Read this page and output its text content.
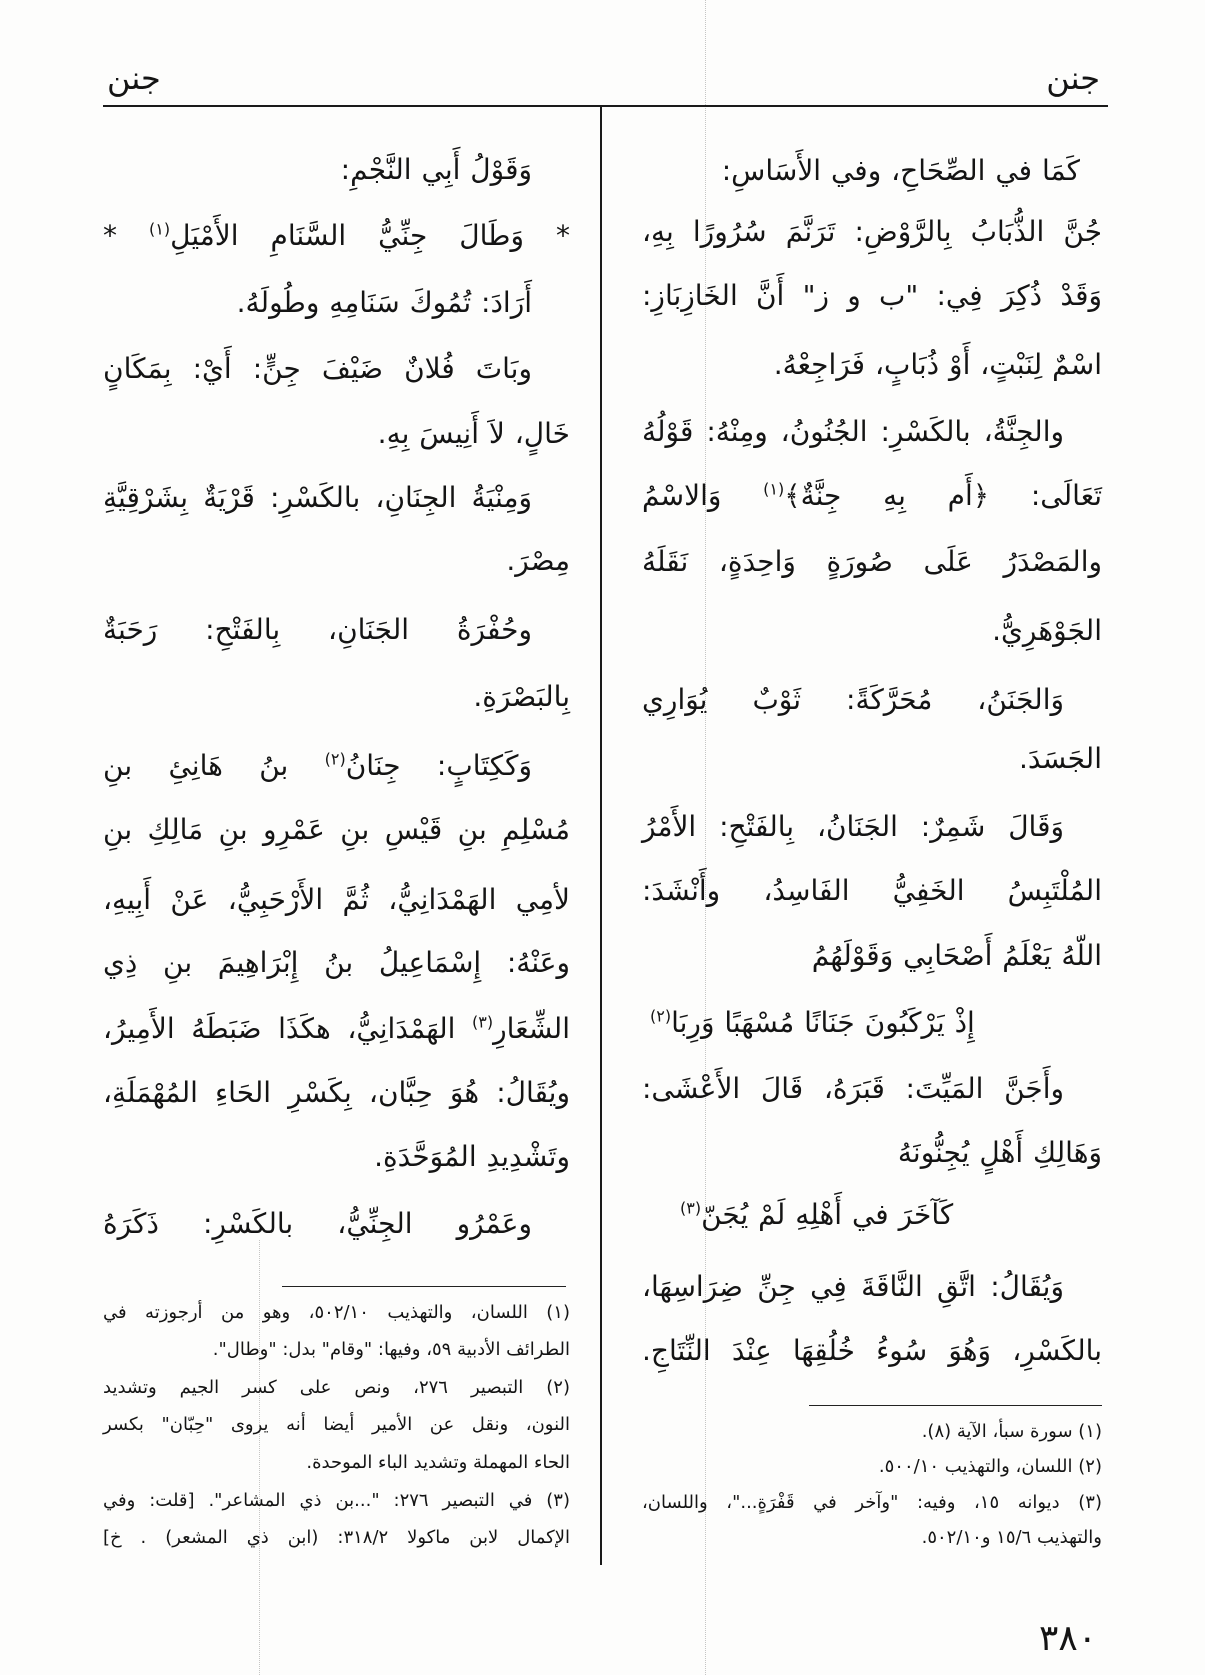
جنن
جنن
كَمَا في الصِّحَاحِ، وفي الأَسَاسِ:
جُنَّ الذُّبَابُ بِالرَّوْضِ: تَرَنَّمَ سُرُورًا بِهِ،
وَقَدْ ذُكِرَ فِي: "ب و ز" أَنَّ الخَازِبَازِ:
اسْمٌ لِنَبْتٍ، أَوْ ذُبَابٍ، فَرَاجِعْهُ.
والجِنَّةُ، بالكَسْرِ: الجُنُونُ، ومِنْهُ: قَوْلُهُ
تَعَالَى: ﴿أَم بِهِ جِنَّةٌ﴾$^{(١)}$ وَالاسْمُ
والمَصْدَرُ عَلَى صُورَةٍ وَاحِدَةٍ، نَقَلَهُ
الجَوْهَرِيُّ.
وَالجَنَنُ، مُحَرَّكَةً: ثَوْبٌ يُوَارِي
الجَسَدَ.
وَقَالَ شَمِرٌ: الجَنَانُ، بِالفَتْحِ: الأَمْرُ
المُلْتَبِسُ الخَفِيُّ الفَاسِدُ، وأَنْشَدَ:
اللّهُ يَعْلَمُ أَصْحَابِي وَقَوْلَهُمُ
إِذْ يَرْكَبُونَ جَنَانًا مُسْهَبًا وَرِبَا$^{(٢)}$
وأَجَنَّ المَيِّتَ: قَبَرَهُ، قَالَ الأَعْشَى:
وَهَالِكِ أَهْلٍ يُجِنُّونَهُ
كَآخَرَ في أَهْلِهِ لَمْ يُجَنّ$^{(٣)}$
وَيُقَالُ: اتَّقِ النَّاقَةَ فِي جِنِّ ضِرَاسِهَا،
بالكَسْرِ، وَهُوَ سُوءُ خُلُقِهَا عِنْدَ النِّتَاجِ.
(١) سورة سبأ، الآية (٨).
(٢) اللسان، والتهذيب ٥٠٠/١٠.
(٣) ديوانه ١٥، وفيه: "وآخر في قَفْرَةٍ..."، واللسان،
والتهذيب ١٥/٦ و٥٠٢/١٠.
وَقَوْلُ أَبِي النَّجْمِ:
* وَطَالَ جِنِّيُّ السَّنَامِ الأَمْيَلِ$^{(١)}$ *
أَرَادَ: تُمُوكَ سَنَامِهِ وطُولَهُ.
وبَاتَ فُلانٌ ضَيْفَ جِنٍّ: أَيْ: بِمَكَانٍ
خَالٍ، لاَ أَنِيسَ بِهِ.
وَمِنْيَةُ الجِنَانِ، بالكَسْرِ: قَرْيَةٌ بِشَرْقِيَّةِ
مِصْرَ.
وحُفْرَةُ الجَنَانِ، بِالفَتْحِ: رَحَبَةٌ
بِالبَصْرَةِ.
وَكَكِتَابٍ: جِنَانُ$^{(٢)}$ بنُ هَانِئِ بنِ
مُسْلِمِ بنِ قَيْسِ بنِ عَمْرِو بنِ مَالِكِ بنِ
لأمِي الهَمْدَانِيُّ، ثُمَّ الأَرْحَبِيُّ، عَنْ أَبِيهِ،
وعَنْهُ: إِسْمَاعِيلُ بنُ إِبْرَاهِيمَ بنِ ذِي
الشِّعَارِ$^{(٣)}$ الهَمْدَانِيُّ، هكَذَا ضَبَطَهُ الأَمِيرُ،
ويُقَالُ: هُوَ حِبَّان، بِكَسْرِ الحَاءِ المُهْمَلَةِ،
وتَشْدِيدِ المُوَحَّدَةِ.
وعَمْرُو الجِنِّيُّ، بالكَسْرِ: ذَكَرَهُ
(١) اللسان، والتهذيب ٥٠٢/١٠، وهو من أرجوزته في
الطرائف الأدبية ٥٩، وفيها: "وقام" بدل: "وطال".
(٢) التبصير ٢٧٦، ونص على كسر الجيم وتشديد
النون، ونقل عن الأمير أيضا أنه يروى "حِبّان" بكسر
الحاء المهملة وتشديد الباء الموحدة.
(٣) في التبصير ٢٧٦: "...بن ذي المشاعر". [قلت: وفي
الإكمال لابن ماكولا ٣١٨/٢: (ابن ذي المشعر) . خ]
٣٨٠
